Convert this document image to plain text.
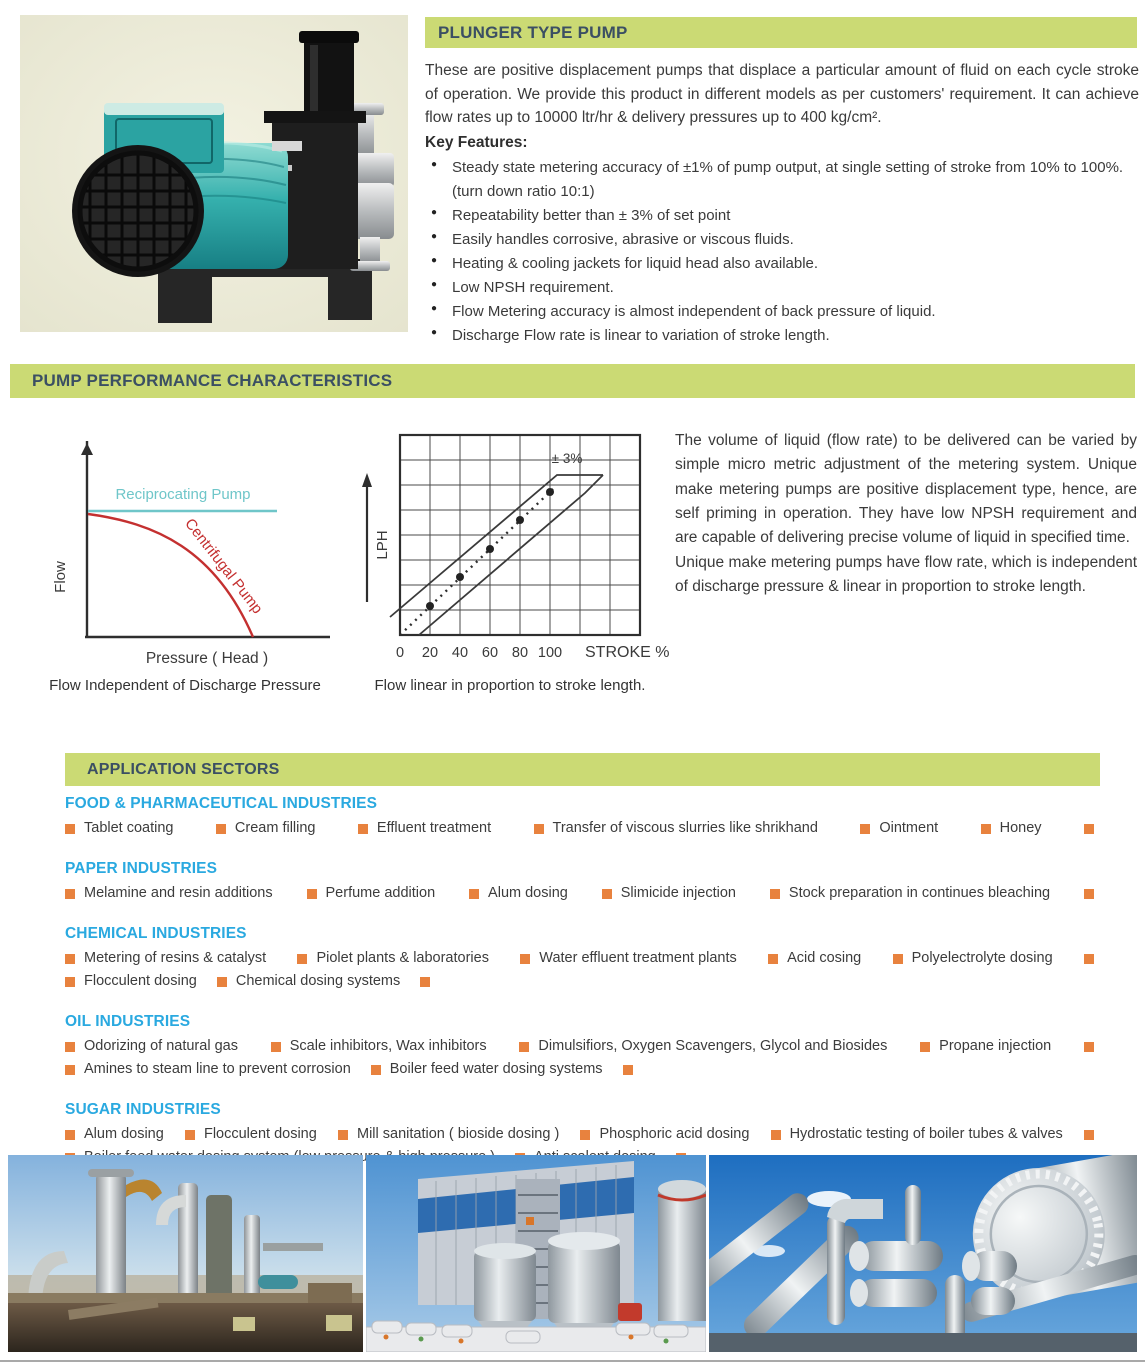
PLUNGER TYPE PUMP
These are positive displacement pumps that displace a particular amount of fluid on each cycle stroke of operation. We provide this product in different models as per customers' requirement. It can achieve flow rates up to 10000 ltr/hr & delivery pressures up to 400 kg/cm².
Key Features:
● Steady state metering accuracy of ±1% of pump output, at single setting of stroke from 10% to 100%. (turn down ratio 10:1)
● Repeatability better than ± 3% of set point
● Easily handles corrosive, abrasive or viscous fluids.
● Heating & cooling jackets for liquid head also available.
● Low NPSH requirement.
● Flow Metering accuracy is almost independent of back pressure of liquid.
● Discharge Flow rate is linear to variation of stroke length.
PUMP PERFORMANCE CHARACTERISTICS
Reciprocating Pump
Centrifugal Pump
Flow
Pressure ( Head )
Flow Independent of Discharge Pressure
LPH
± 3%
0 20 40 60 80 100 STROKE %
Flow linear in proportion to stroke length.
The volume of liquid (flow rate) to be delivered can be varied by simple micro metric adjustment of the metering system. Unique make metering pumps are positive displacement type, hence, are self priming in operation. They have low NPSH requirement and are capable of delivering precise volume of liquid in specified time.
Unique make metering pumps have flow rate, which is independent of discharge pressure & linear in proportion to stroke length.
APPLICATION SECTORS
FOOD & PHARMACEUTICAL INDUSTRIES
Tablet coating	Cream filling	Effluent treatment	Transfer of viscous slurries like shrikhand	Ointment	Honey
PAPER INDUSTRIES
Melamine and resin additions	Perfume addition	Alum dosing	Slimicide injection	Stock preparation in continues bleaching
CHEMICAL INDUSTRIES
Metering of resins & catalyst	Piolet plants & laboratories	Water effluent treatment plants	Acid cosing	Polyelectrolyte dosing
Flocculent dosing	Chemical dosing systems
OIL INDUSTRIES
Odorizing of natural gas	Scale inhibitors, Wax inhibitors	Dimulsifiors, Oxygen Scavengers, Glycol and Biosides	Propane injection
Amines to steam line to prevent corrosion	Boiler feed water dosing systems
SUGAR INDUSTRIES
Alum dosing	Flocculent dosing	Mill sanitation ( bioside dosing )	Phosphoric acid dosing	Hydrostatic testing of boiler tubes & valves
